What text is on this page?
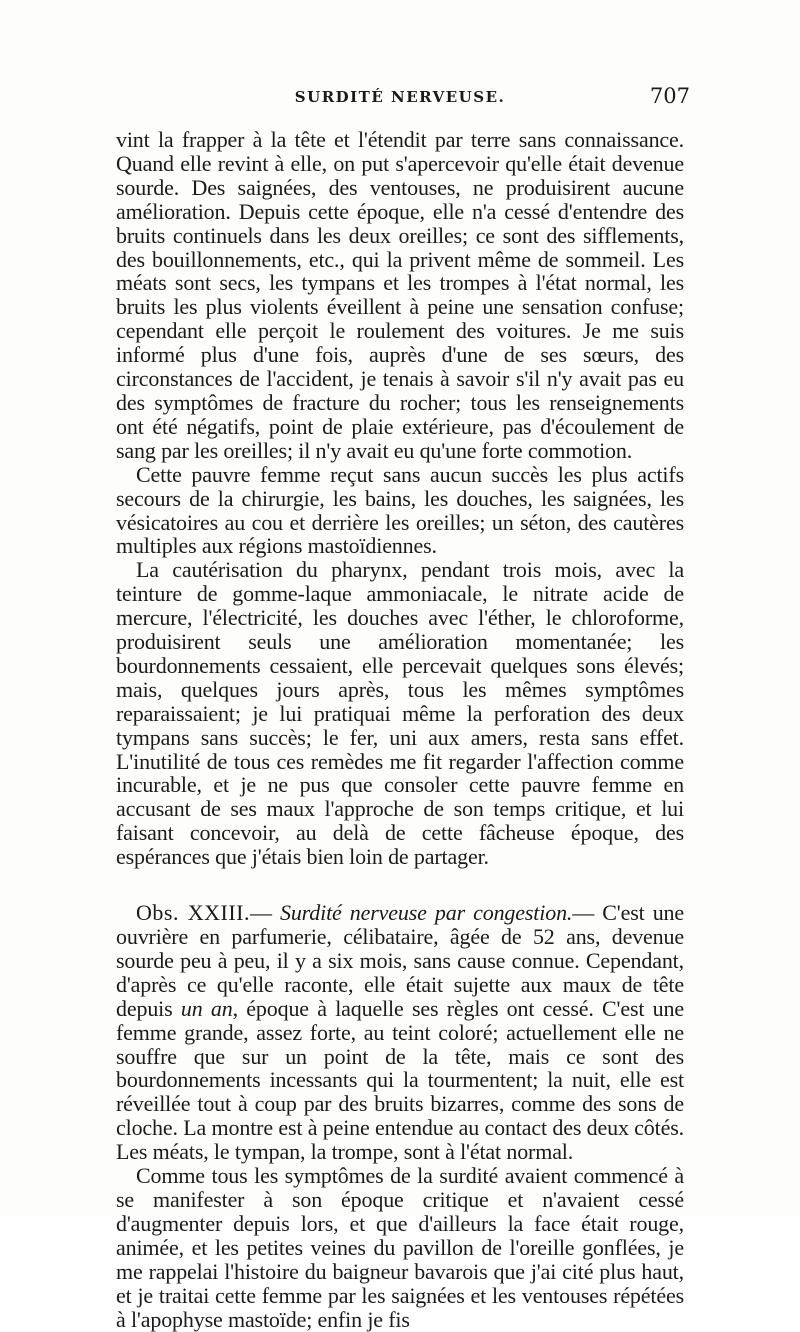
SURDITÉ NERVEUSE.	707

vint la frapper à la tête et l'étendit par terre sans connaissance. Quand elle revint à elle, on put s'apercevoir qu'elle était devenue sourde. Des saignées, des ventouses, ne produisirent aucune amélioration. Depuis cette époque, elle n'a cessé d'entendre des bruits continuels dans les deux oreilles; ce sont des sifflements, des bouillonnements, etc., qui la privent même de sommeil. Les méats sont secs, les tympans et les trompes à l'état normal, les bruits les plus violents éveillent à peine une sensation confuse; cependant elle perçoit le roulement des voitures. Je me suis informé plus d'une fois, auprès d'une de ses sœurs, des circonstances de l'accident, je tenais à savoir s'il n'y avait pas eu des symptômes de fracture du rocher; tous les renseignements ont été négatifs, point de plaie extérieure, pas d'écoulement de sang par les oreilles; il n'y avait eu qu'une forte commotion.

Cette pauvre femme reçut sans aucun succès les plus actifs secours de la chirurgie, les bains, les douches, les saignées, les vésicatoires au cou et derrière les oreilles; un séton, des cautères multiples aux régions mastoïdiennes.

La cautérisation du pharynx, pendant trois mois, avec la teinture de gomme-laque ammoniacale, le nitrate acide de mercure, l'électricité, les douches avec l'éther, le chloroforme, produisirent seuls une amélioration momentanée; les bourdonnements cessaient, elle percevait quelques sons élevés; mais, quelques jours après, tous les mêmes symptômes reparaissaient; je lui pratiquai même la perforation des deux tympans sans succès; le fer, uni aux amers, resta sans effet. L'inutilité de tous ces remèdes me fit regarder l'affection comme incurable, et je ne pus que consoler cette pauvre femme en accusant de ses maux l'approche de son temps critique, et lui faisant concevoir, au delà de cette fâcheuse époque, des espérances que j'étais bien loin de partager.

Obs. XXIII.— Surdité nerveuse par congestion.— C'est une ouvrière en parfumerie, célibataire, âgée de 52 ans, devenue sourde peu à peu, il y a six mois, sans cause connue. Cependant, d'après ce qu'elle raconte, elle était sujette aux maux de tête depuis un an, époque à laquelle ses règles ont cessé. C'est une femme grande, assez forte, au teint coloré; actuellement elle ne souffre que sur un point de la tête, mais ce sont des bourdonnements incessants qui la tourmentent; la nuit, elle est réveillée tout à coup par des bruits bizarres, comme des sons de cloche. La montre est à peine entendue au contact des deux côtés. Les méats, le tympan, la trompe, sont à l'état normal.

Comme tous les symptômes de la surdité avaient commencé à se manifester à son époque critique et n'avaient cessé d'augmenter depuis lors, et que d'ailleurs la face était rouge, animée, et les petites veines du pavillon de l'oreille gonflées, je me rappelai l'histoire du baigneur bavarois que j'ai cité plus haut, et je traitai cette femme par les saignées et les ventouses répétées à l'apophyse mastoïde; enfin je fis
